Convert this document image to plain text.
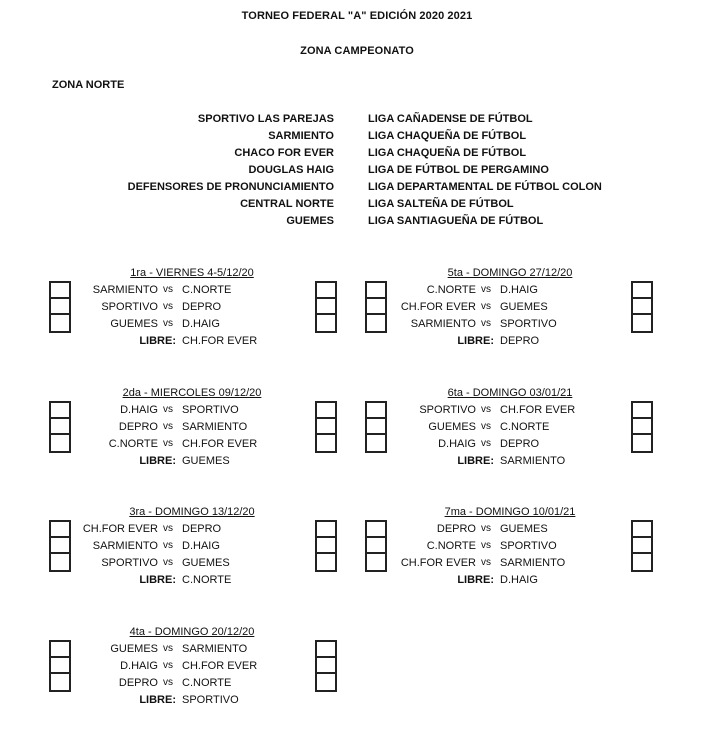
TORNEO FEDERAL "A" EDICIÓN 2020 2021
ZONA CAMPEONATO
ZONA NORTE
SPORTIVO LAS PAREJAS	LIGA CAÑADENSE DE FÚTBOL
SARMIENTO	LIGA CHAQUEÑA DE FÚTBOL
CHACO FOR EVER	LIGA CHAQUEÑA DE FÚTBOL
DOUGLAS HAIG	LIGA DE FÚTBOL DE PERGAMINO
DEFENSORES DE PRONUNCIAMIENTO	LIGA DEPARTAMENTAL DE FÚTBOL COLON
CENTRAL NORTE	LIGA SALTEÑA DE FÚTBOL
GUEMES	LIGA SANTIAGUEÑA DE FÚTBOL
1ra - VIERNES 4-5/12/20
SARMIENTO vs C.NORTE
SPORTIVO vs DEPRO
GUEMES vs D.HAIG
LIBRE: CH.FOR EVER
2da - MIERCOLES 09/12/20
D.HAIG vs SPORTIVO
DEPRO vs SARMIENTO
C.NORTE vs CH.FOR EVER
LIBRE: GUEMES
3ra - DOMINGO 13/12/20
CH.FOR EVER vs DEPRO
SARMIENTO vs D.HAIG
SPORTIVO vs GUEMES
LIBRE: C.NORTE
4ta - DOMINGO 20/12/20
GUEMES vs SARMIENTO
D.HAIG vs CH.FOR EVER
DEPRO vs C.NORTE
LIBRE: SPORTIVO
5ta - DOMINGO 27/12/20
C.NORTE vs D.HAIG
CH.FOR EVER vs GUEMES
SARMIENTO vs SPORTIVO
LIBRE: DEPRO
6ta - DOMINGO 03/01/21
SPORTIVO vs CH.FOR EVER
GUEMES vs C.NORTE
D.HAIG vs DEPRO
LIBRE: SARMIENTO
7ma - DOMINGO 10/01/21
DEPRO vs GUEMES
C.NORTE vs SPORTIVO
CH.FOR EVER vs SARMIENTO
LIBRE: D.HAIG
